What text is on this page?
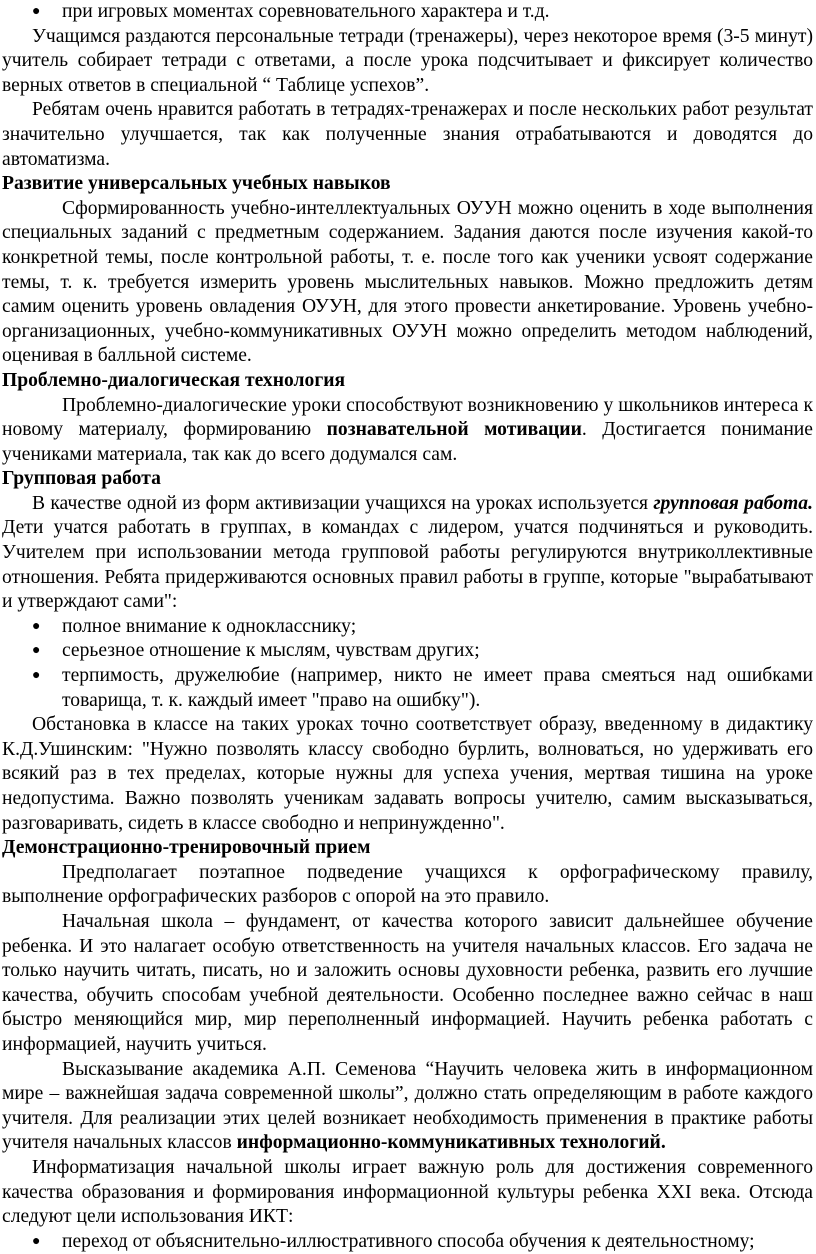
● при игровых моментах соревновательного характера и т.д.

Учащимся раздаются персональные тетради (тренажеры), через некоторое время (3-5 минут) учитель собирает тетради с ответами, а после урока подсчитывает и фиксирует количество верных ответов в специальной “ Таблице успехов”.

Ребятам очень нравится работать в тетрадях-тренажерах и после нескольких работ результат значительно улучшается, так как полученные знания отрабатываются и доводятся до автоматизма.

Развитие универсальных учебных навыков

Сформированность учебно-интеллектуальных ОУУН можно оценить в ходе выполнения специальных заданий с предметным содержанием. Задания даются после изучения какой-то конкретной темы, после контрольной работы, т. е. после того как ученики усвоят содержание темы, т. к. требуется измерить уровень мыслительных навыков. Можно предложить детям самим оценить уровень овладения ОУУН, для этого провести анкетирование. Уровень учебно-организационных, учебно-коммуникативных ОУУН можно определить методом наблюдений, оценивая в балльной системе.

Проблемно-диалогическая технология

Проблемно-диалогические уроки способствуют возникновению у школьников интереса к новому материалу, формированию познавательной мотивации. Достигается понимание учениками материала, так как до всего додумался сам.

Групповая работа

В качестве одной из форм активизации учащихся на уроках используется групповая работа. Дети учатся работать в группах, в командах с лидером, учатся подчиняться и руководить. Учителем при использовании метода групповой работы регулируются внутриколлективные отношения. Ребята придерживаются основных правил работы в группе, которые "вырабатывают и утверждают сами":

● полное внимание к однокласснику;
● серьезное отношение к мыслям, чувствам других;
● терпимость, дружелюбие (например, никто не имеет права смеяться над ошибками товарища, т. к. каждый имеет "право на ошибку").

Обстановка в классе на таких уроках точно соответствует образу, введенному в дидактику К.Д.Ушинским: "Нужно позволять классу свободно бурлить, волноваться, но удерживать его всякий раз в тех пределах, которые нужны для успеха учения, мертвая тишина на уроке недопустима. Важно позволять ученикам задавать вопросы учителю, самим высказываться, разговаривать, сидеть в классе свободно и непринужденно".

Демонстрационно-тренировочный прием

Предполагает поэтапное подведение учащихся к орфографическому правилу, выполнение орфографических разборов с опорой на это правило.

Начальная школа – фундамент, от качества которого зависит дальнейшее обучение ребенка. И это налагает особую ответственность на учителя начальных классов. Его задача не только научить читать, писать, но и заложить основы духовности ребенка, развить его лучшие качества, обучить способам учебной деятельности. Особенно последнее важно сейчас в наш быстро меняющийся мир, мир переполненный информацией. Научить ребенка работать с информацией, научить учиться.

Высказывание академика А.П. Семенова “Научить человека жить в информационном мире – важнейшая задача современной школы”, должно стать определяющим в работе каждого учителя. Для реализации этих целей возникает необходимость применения в практике работы учителя начальных классов информационно-коммуникативных технологий.

Информатизация начальной школы играет важную роль для достижения современного качества образования и формирования информационной культуры ребенка XXI века. Отсюда следуют цели использования ИКТ:

● переход от объяснительно-иллюстративного способа обучения к деятельностному;
